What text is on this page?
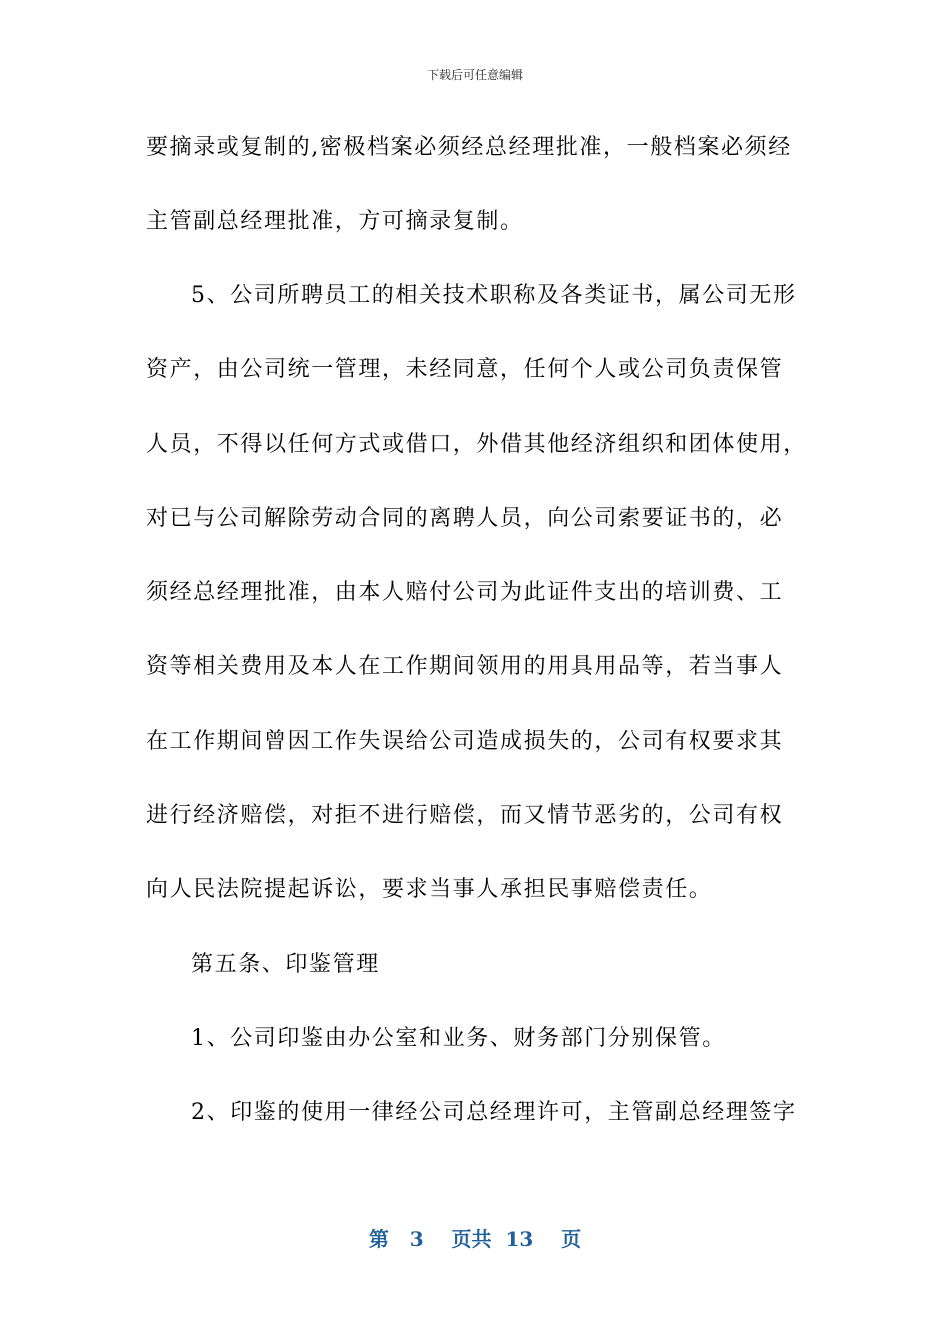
下载后可任意编辑
要摘录或复制的,密极档案必须经总经理批准，一般档案必须经
主管副总经理批准，方可摘录复制。
5、公司所聘员工的相关技术职称及各类证书，属公司无形
资产，由公司统一管理，未经同意，任何个人或公司负责保管
人员，不得以任何方式或借口，外借其他经济组织和团体使用，
对已与公司解除劳动合同的离聘人员，向公司索要证书的，必
须经总经理批准，由本人赔付公司为此证件支出的培训费、工
资等相关费用及本人在工作期间领用的用具用品等，若当事人
在工作期间曾因工作失误给公司造成损失的，公司有权要求其
进行经济赔偿，对拒不进行赔偿，而又情节恶劣的，公司有权
向人民法院提起诉讼，要求当事人承担民事赔偿责任。
第五条、印鉴管理
1、公司印鉴由办公室和业务、财务部门分别保管。
2、印鉴的使用一律经公司总经理许可，主管副总经理签字
第 3 页共 13 页
